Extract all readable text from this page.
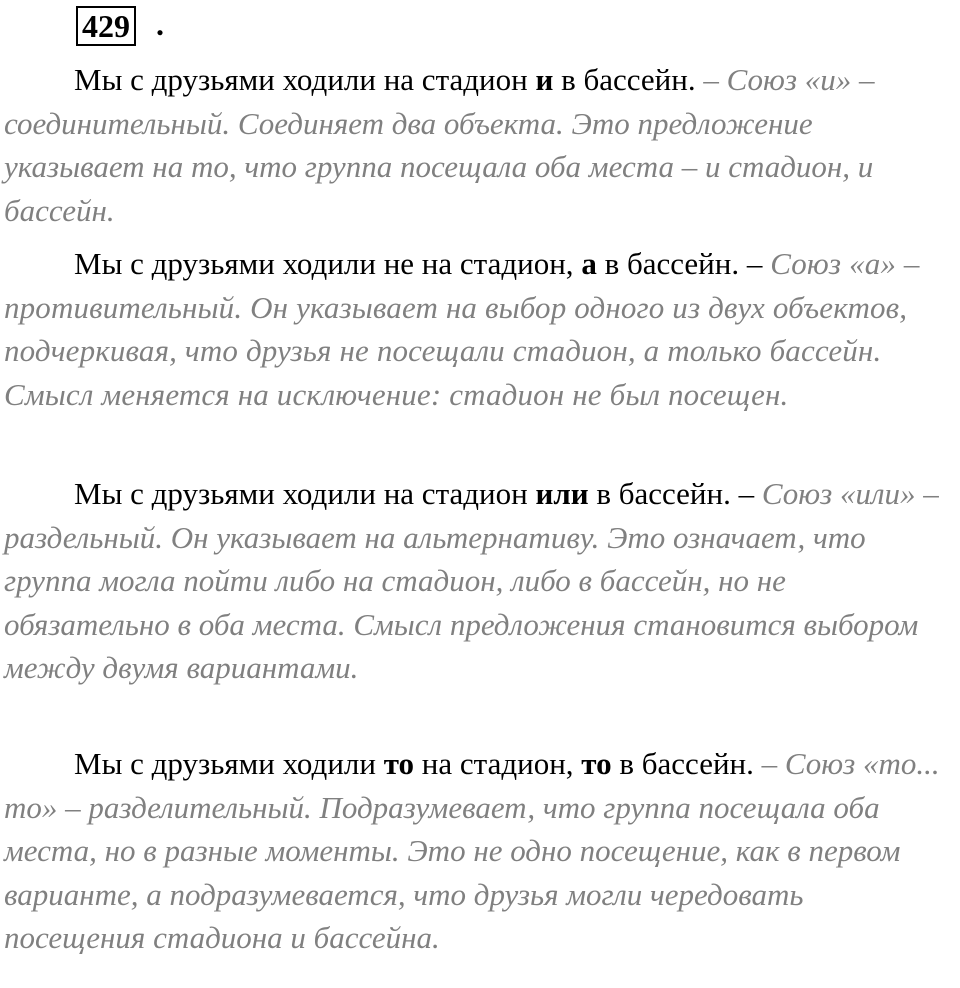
429 .

Мы с друзьями ходили на стадион и в бассейн. – Союз «и» – соединительный. Соединяет два объекта. Это предложение указывает на то, что группа посещала оба места – и стадион, и бассейн.

Мы с друзьями ходили не на стадион, а в бассейн. – Союз «а» – противительный. Он указывает на выбор одного из двух объектов, подчеркивая, что друзья не посещали стадион, а только бассейн. Смысл меняется на исключение: стадион не был посещен.

Мы с друзьями ходили на стадион или в бассейн. – Союз «или» – раздельный. Он указывает на альтернативу. Это означает, что группа могла пойти либо на стадион, либо в бассейн, но не обязательно в оба места. Смысл предложения становится выбором между двумя вариантами.

Мы с друзьями ходили то на стадион, то в бассейн. – Союз «то... то» – разделительный. Подразумевает, что группа посещала оба места, но в разные моменты. Это не одно посещение, как в первом варианте, а подразумевается, что друзья могли чередовать посещения стадиона и бассейна.
